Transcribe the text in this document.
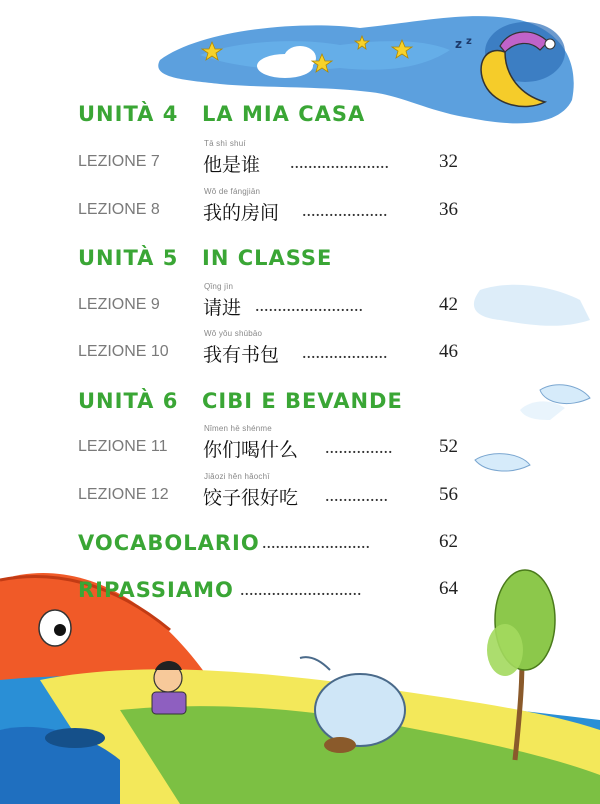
z z
UNITÀ 4 LA MIA CASA
LEZIONE 7
Tā shì shuí
他是谁 ......................	32
LEZIONE 8
Wǒ de fángjiān
我的房间 ...................	36
UNITÀ 5 IN CLASSE
LEZIONE 9
Qǐng jìn
请进 ........................	42
LEZIONE 10
Wǒ yǒu shūbāo
我有书包 ...................	46
UNITÀ 6 CIBI E BEVANDE
LEZIONE 11
Nǐmen hē shénme
你们喝什么 ...............	52
LEZIONE 12
Jiǎozi hěn hǎochī
饺子很好吃 ..............	56
VOCABOLARIO ........................	62
RIPASSIAMO ...........................	64
